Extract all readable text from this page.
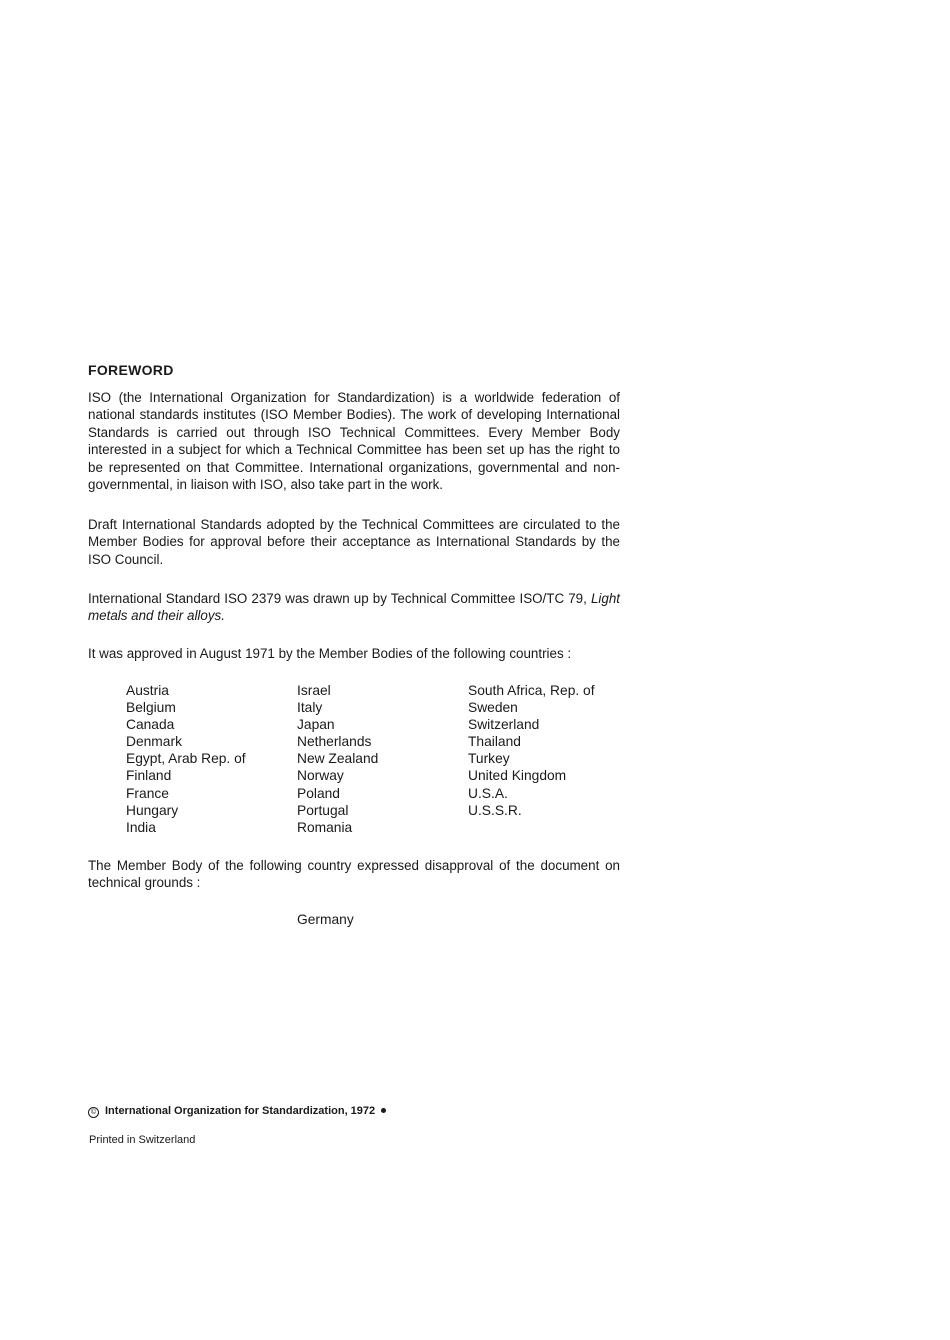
FOREWORD

ISO (the International Organization for Standardization) is a worldwide federation of national standards institutes (ISO Member Bodies). The work of developing International Standards is carried out through ISO Technical Committees. Every Member Body interested in a subject for which a Technical Committee has been set up has the right to be represented on that Committee. International organizations, governmental and non-governmental, in liaison with ISO, also take part in the work.

Draft International Standards adopted by the Technical Committees are circulated to the Member Bodies for approval before their acceptance as International Standards by the ISO Council.

International Standard ISO 2379 was drawn up by Technical Committee ISO/TC 79, Light metals and their alloys.

It was approved in August 1971 by the Member Bodies of the following countries :

Austria
Belgium
Canada
Denmark
Egypt, Arab Rep. of
Finland
France
Hungary
India
Israel
Italy
Japan
Netherlands
New Zealand
Norway
Poland
Portugal
Romania
South Africa, Rep. of
Sweden
Switzerland
Thailand
Turkey
United Kingdom
U.S.A.
U.S.S.R.

The Member Body of the following country expressed disapproval of the document on technical grounds :

Germany

© International Organization for Standardization, 1972

Printed in Switzerland
